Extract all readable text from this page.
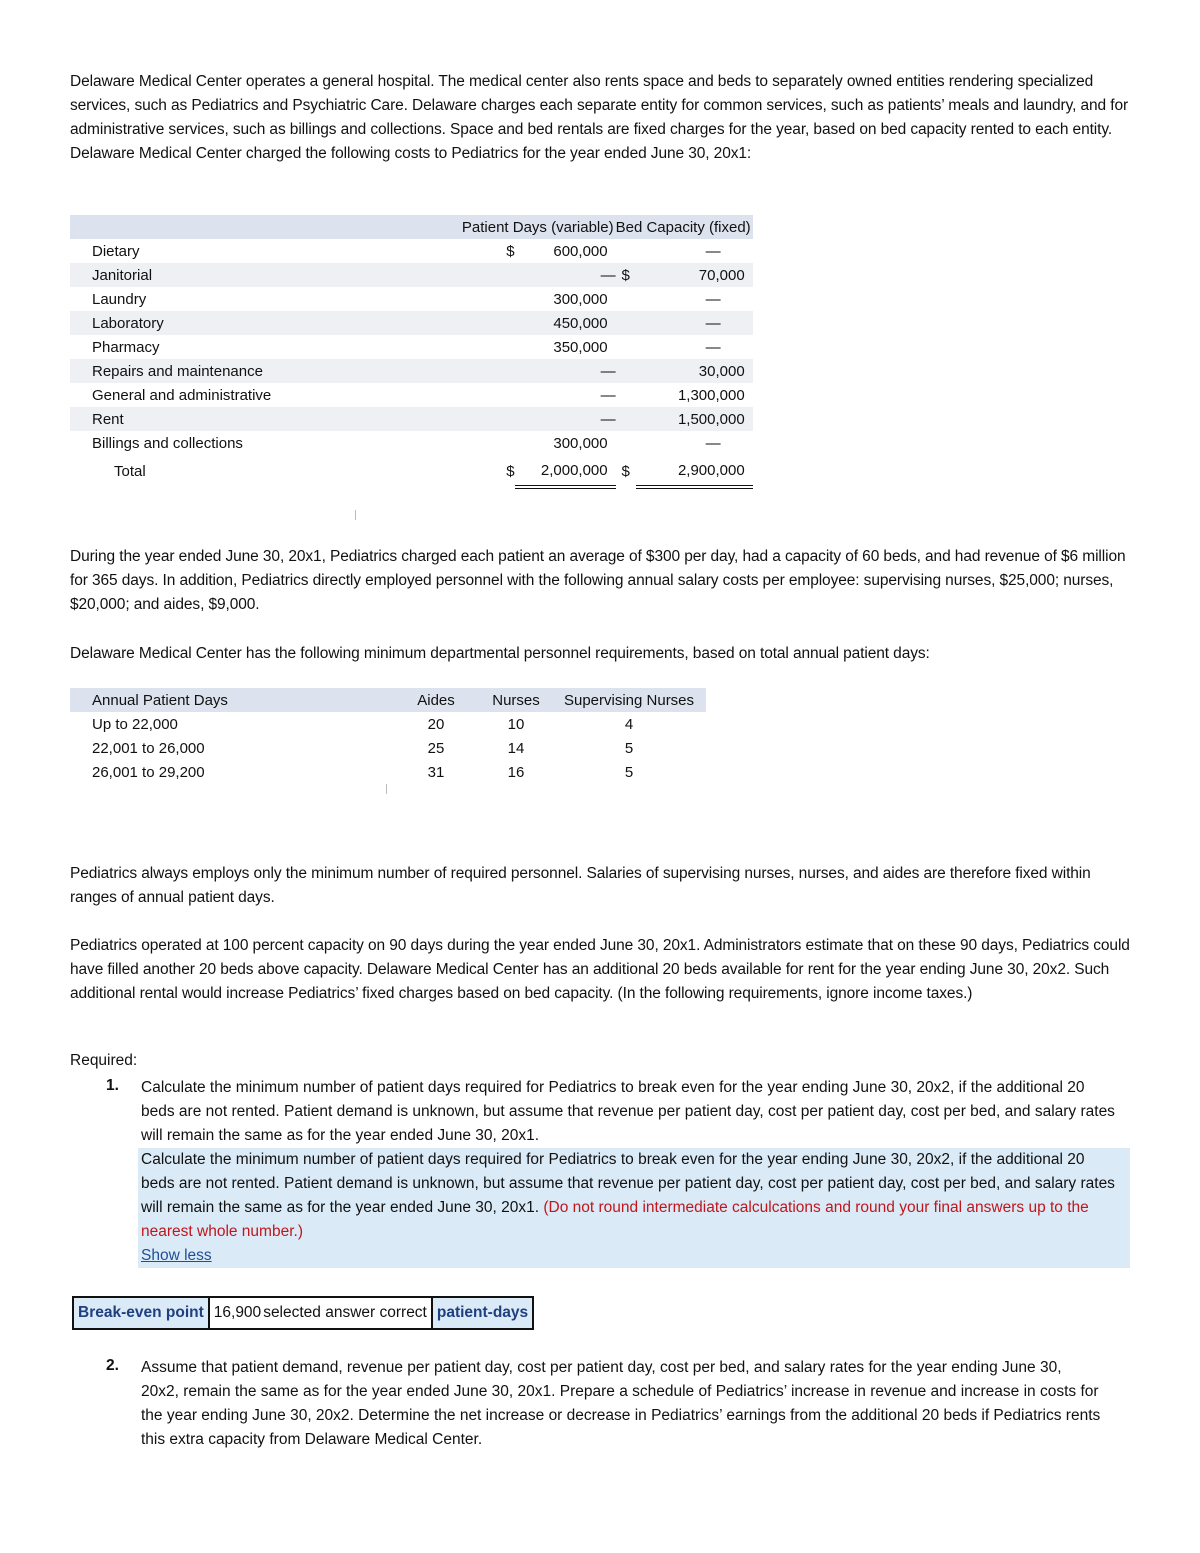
Delaware Medical Center operates a general hospital. The medical center also rents space and beds to separately owned entities rendering specialized services, such as Pediatrics and Psychiatric Care. Delaware charges each separate entity for common services, such as patients’ meals and laundry, and for administrative services, such as billings and collections. Space and bed rentals are fixed charges for the year, based on bed capacity rented to each entity. Delaware Medical Center charged the following costs to Pediatrics for the year ended June 30, 20x1:
	Patient Days (variable)		Bed Capacity (fixed)	
Dietary	$	600,000		—
Janitorial		—	$	70,000
Laundry		300,000		—
Laboratory		450,000		—
Pharmacy		350,000		—
Repairs and maintenance		—		30,000
General and administrative		—		1,300,000
Rent		—		1,500,000
Billings and collections		300,000		—
Total	$	2,000,000	$	2,900,000
During the year ended June 30, 20x1, Pediatrics charged each patient an average of $300 per day, had a capacity of 60 beds, and had revenue of $6 million for 365 days. In addition, Pediatrics directly employed personnel with the following annual salary costs per employee: supervising nurses, $25,000; nurses, $20,000; and aides, $9,000.
Delaware Medical Center has the following minimum departmental personnel requirements, based on total annual patient days:
Annual Patient Days	Aides	Nurses	Supervising Nurses
Up to 22,000	20	10	4
22,001 to 26,000	25	14	5
26,001 to 29,200	31	16	5
Pediatrics always employs only the minimum number of required personnel. Salaries of supervising nurses, nurses, and aides are therefore fixed within ranges of annual patient days.
Pediatrics operated at 100 percent capacity on 90 days during the year ended June 30, 20x1. Administrators estimate that on these 90 days, Pediatrics could have filled another 20 beds above capacity. Delaware Medical Center has an additional 20 beds available for rent for the year ending June 30, 20x2. Such additional rental would increase Pediatrics’ fixed charges based on bed capacity. (In the following requirements, ignore income taxes.)
Required:
1. Calculate the minimum number of patient days required for Pediatrics to break even for the year ending June 30, 20x2, if the additional 20 beds are not rented. Patient demand is unknown, but assume that revenue per patient day, cost per patient day, cost per bed, and salary rates will remain the same as for the year ended June 30, 20x1.
Calculate the minimum number of patient days required for Pediatrics to break even for the year ending June 30, 20x2, if the additional 20 beds are not rented. Patient demand is unknown, but assume that revenue per patient day, cost per patient day, cost per bed, and salary rates will remain the same as for the year ended June 30, 20x1. (Do not round intermediate calculcations and round your final answers up to the nearest whole number.)
Show less
Break-even point 16,900 selected answer correct patient-days
2. Assume that patient demand, revenue per patient day, cost per patient day, cost per bed, and salary rates for the year ending June 30, 20x2, remain the same as for the year ended June 30, 20x1. Prepare a schedule of Pediatrics’ increase in revenue and increase in costs for the year ending June 30, 20x2. Determine the net increase or decrease in Pediatrics’ earnings from the additional 20 beds if Pediatrics rents this extra capacity from Delaware Medical Center.
